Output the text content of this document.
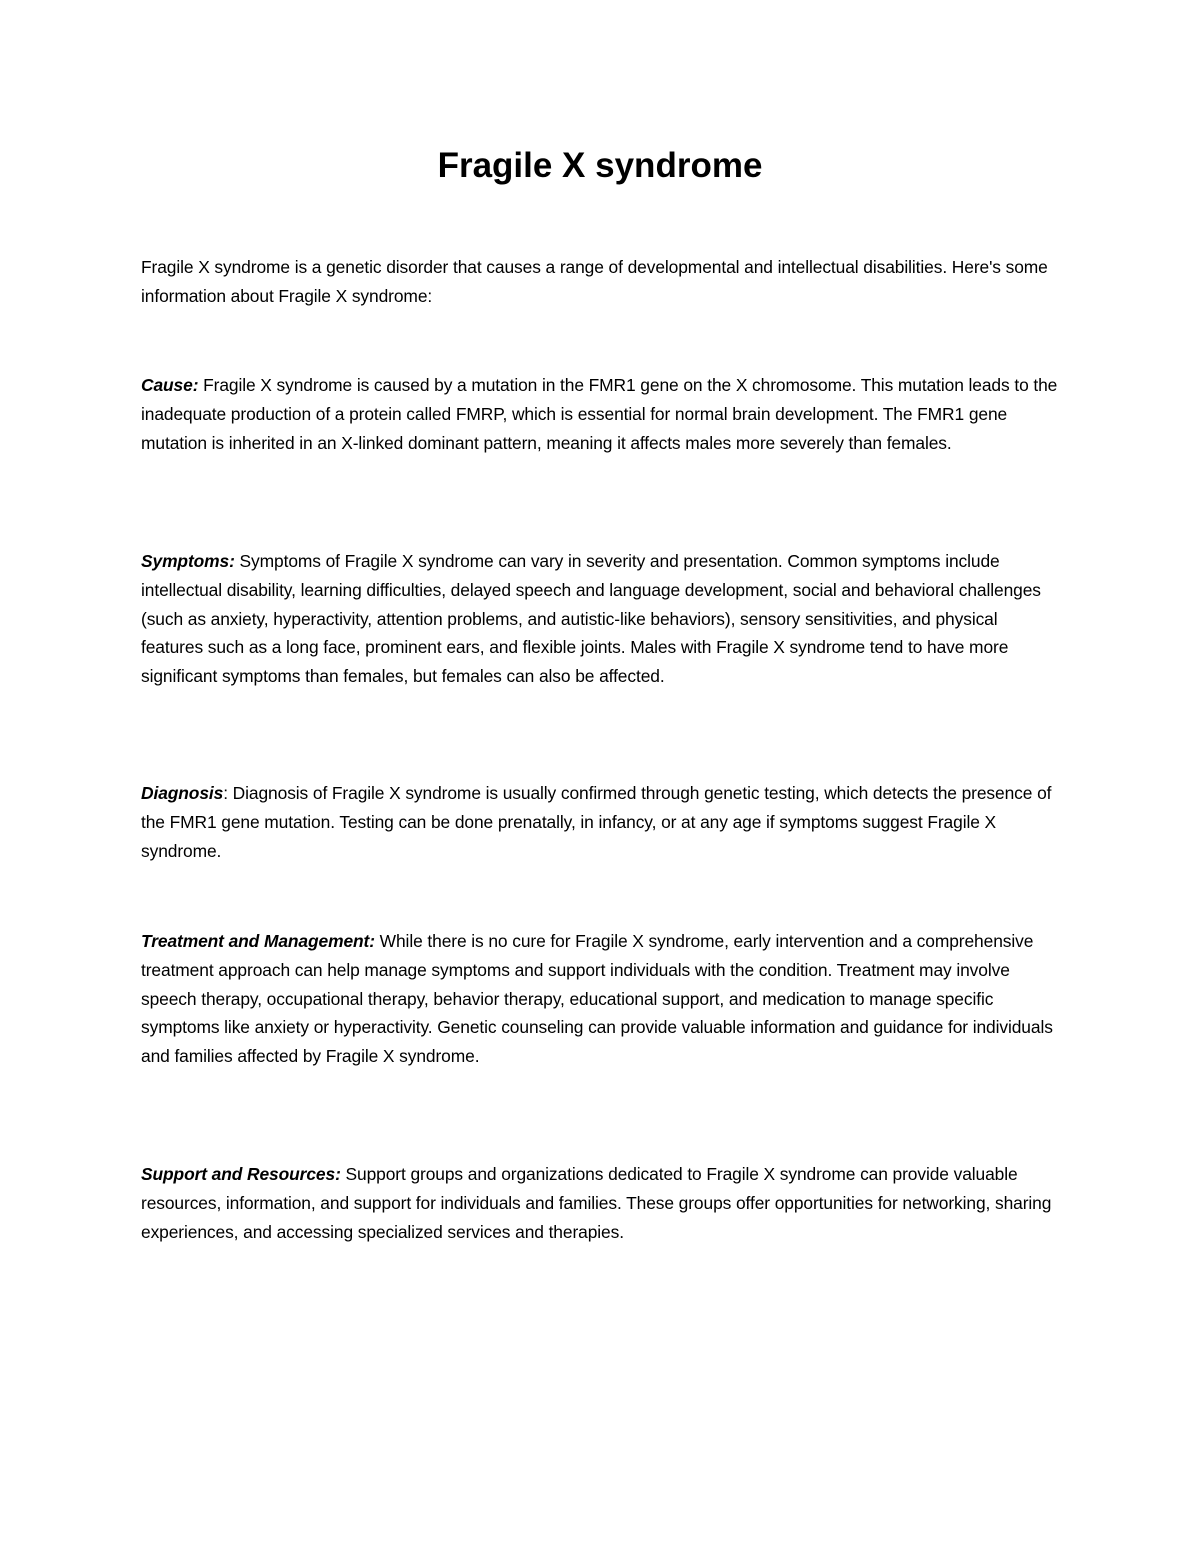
Fragile X syndrome

Fragile X syndrome is a genetic disorder that causes a range of developmental and intellectual disabilities. Here's some information about Fragile X syndrome:

Cause: Fragile X syndrome is caused by a mutation in the FMR1 gene on the X chromosome. This mutation leads to the inadequate production of a protein called FMRP, which is essential for normal brain development. The FMR1 gene mutation is inherited in an X-linked dominant pattern, meaning it affects males more severely than females.

Symptoms: Symptoms of Fragile X syndrome can vary in severity and presentation. Common symptoms include intellectual disability, learning difficulties, delayed speech and language development, social and behavioral challenges (such as anxiety, hyperactivity, attention problems, and autistic-like behaviors), sensory sensitivities, and physical features such as a long face, prominent ears, and flexible joints. Males with Fragile X syndrome tend to have more significant symptoms than females, but females can also be affected.

Diagnosis: Diagnosis of Fragile X syndrome is usually confirmed through genetic testing, which detects the presence of the FMR1 gene mutation. Testing can be done prenatally, in infancy, or at any age if symptoms suggest Fragile X syndrome.

Treatment and Management: While there is no cure for Fragile X syndrome, early intervention and a comprehensive treatment approach can help manage symptoms and support individuals with the condition. Treatment may involve speech therapy, occupational therapy, behavior therapy, educational support, and medication to manage specific symptoms like anxiety or hyperactivity. Genetic counseling can provide valuable information and guidance for individuals and families affected by Fragile X syndrome.

Support and Resources: Support groups and organizations dedicated to Fragile X syndrome can provide valuable resources, information, and support for individuals and families. These groups offer opportunities for networking, sharing experiences, and accessing specialized services and therapies.
